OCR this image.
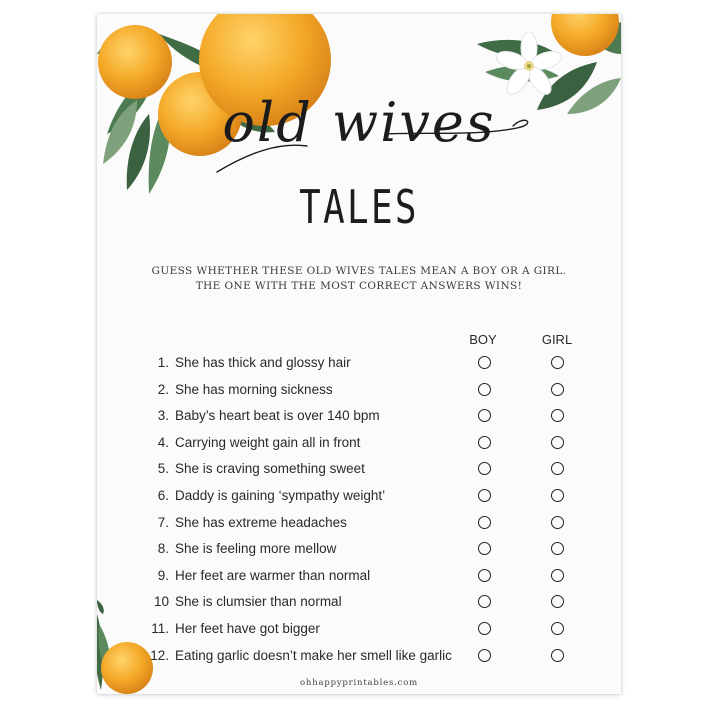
old wives
TALES
GUESS WHETHER THESE OLD WIVES TALES MEAN A BOY OR A GIRL.
THE ONE WITH THE MOST CORRECT ANSWERS WINS!
BOY	GIRL
1. She has thick and glossy hair
2. She has morning sickness
3. Baby’s heart beat is over 140 bpm
4. Carrying weight gain all in front
5. She is craving something sweet
6. Daddy is gaining ‘sympathy weight’
7. She has extreme headaches
8. She is feeling more mellow
9. Her feet are warmer than normal
10 She is clumsier than normal
11. Her feet have got bigger
12. Eating garlic doesn’t make her smell like garlic
ohhappyprintables.com
